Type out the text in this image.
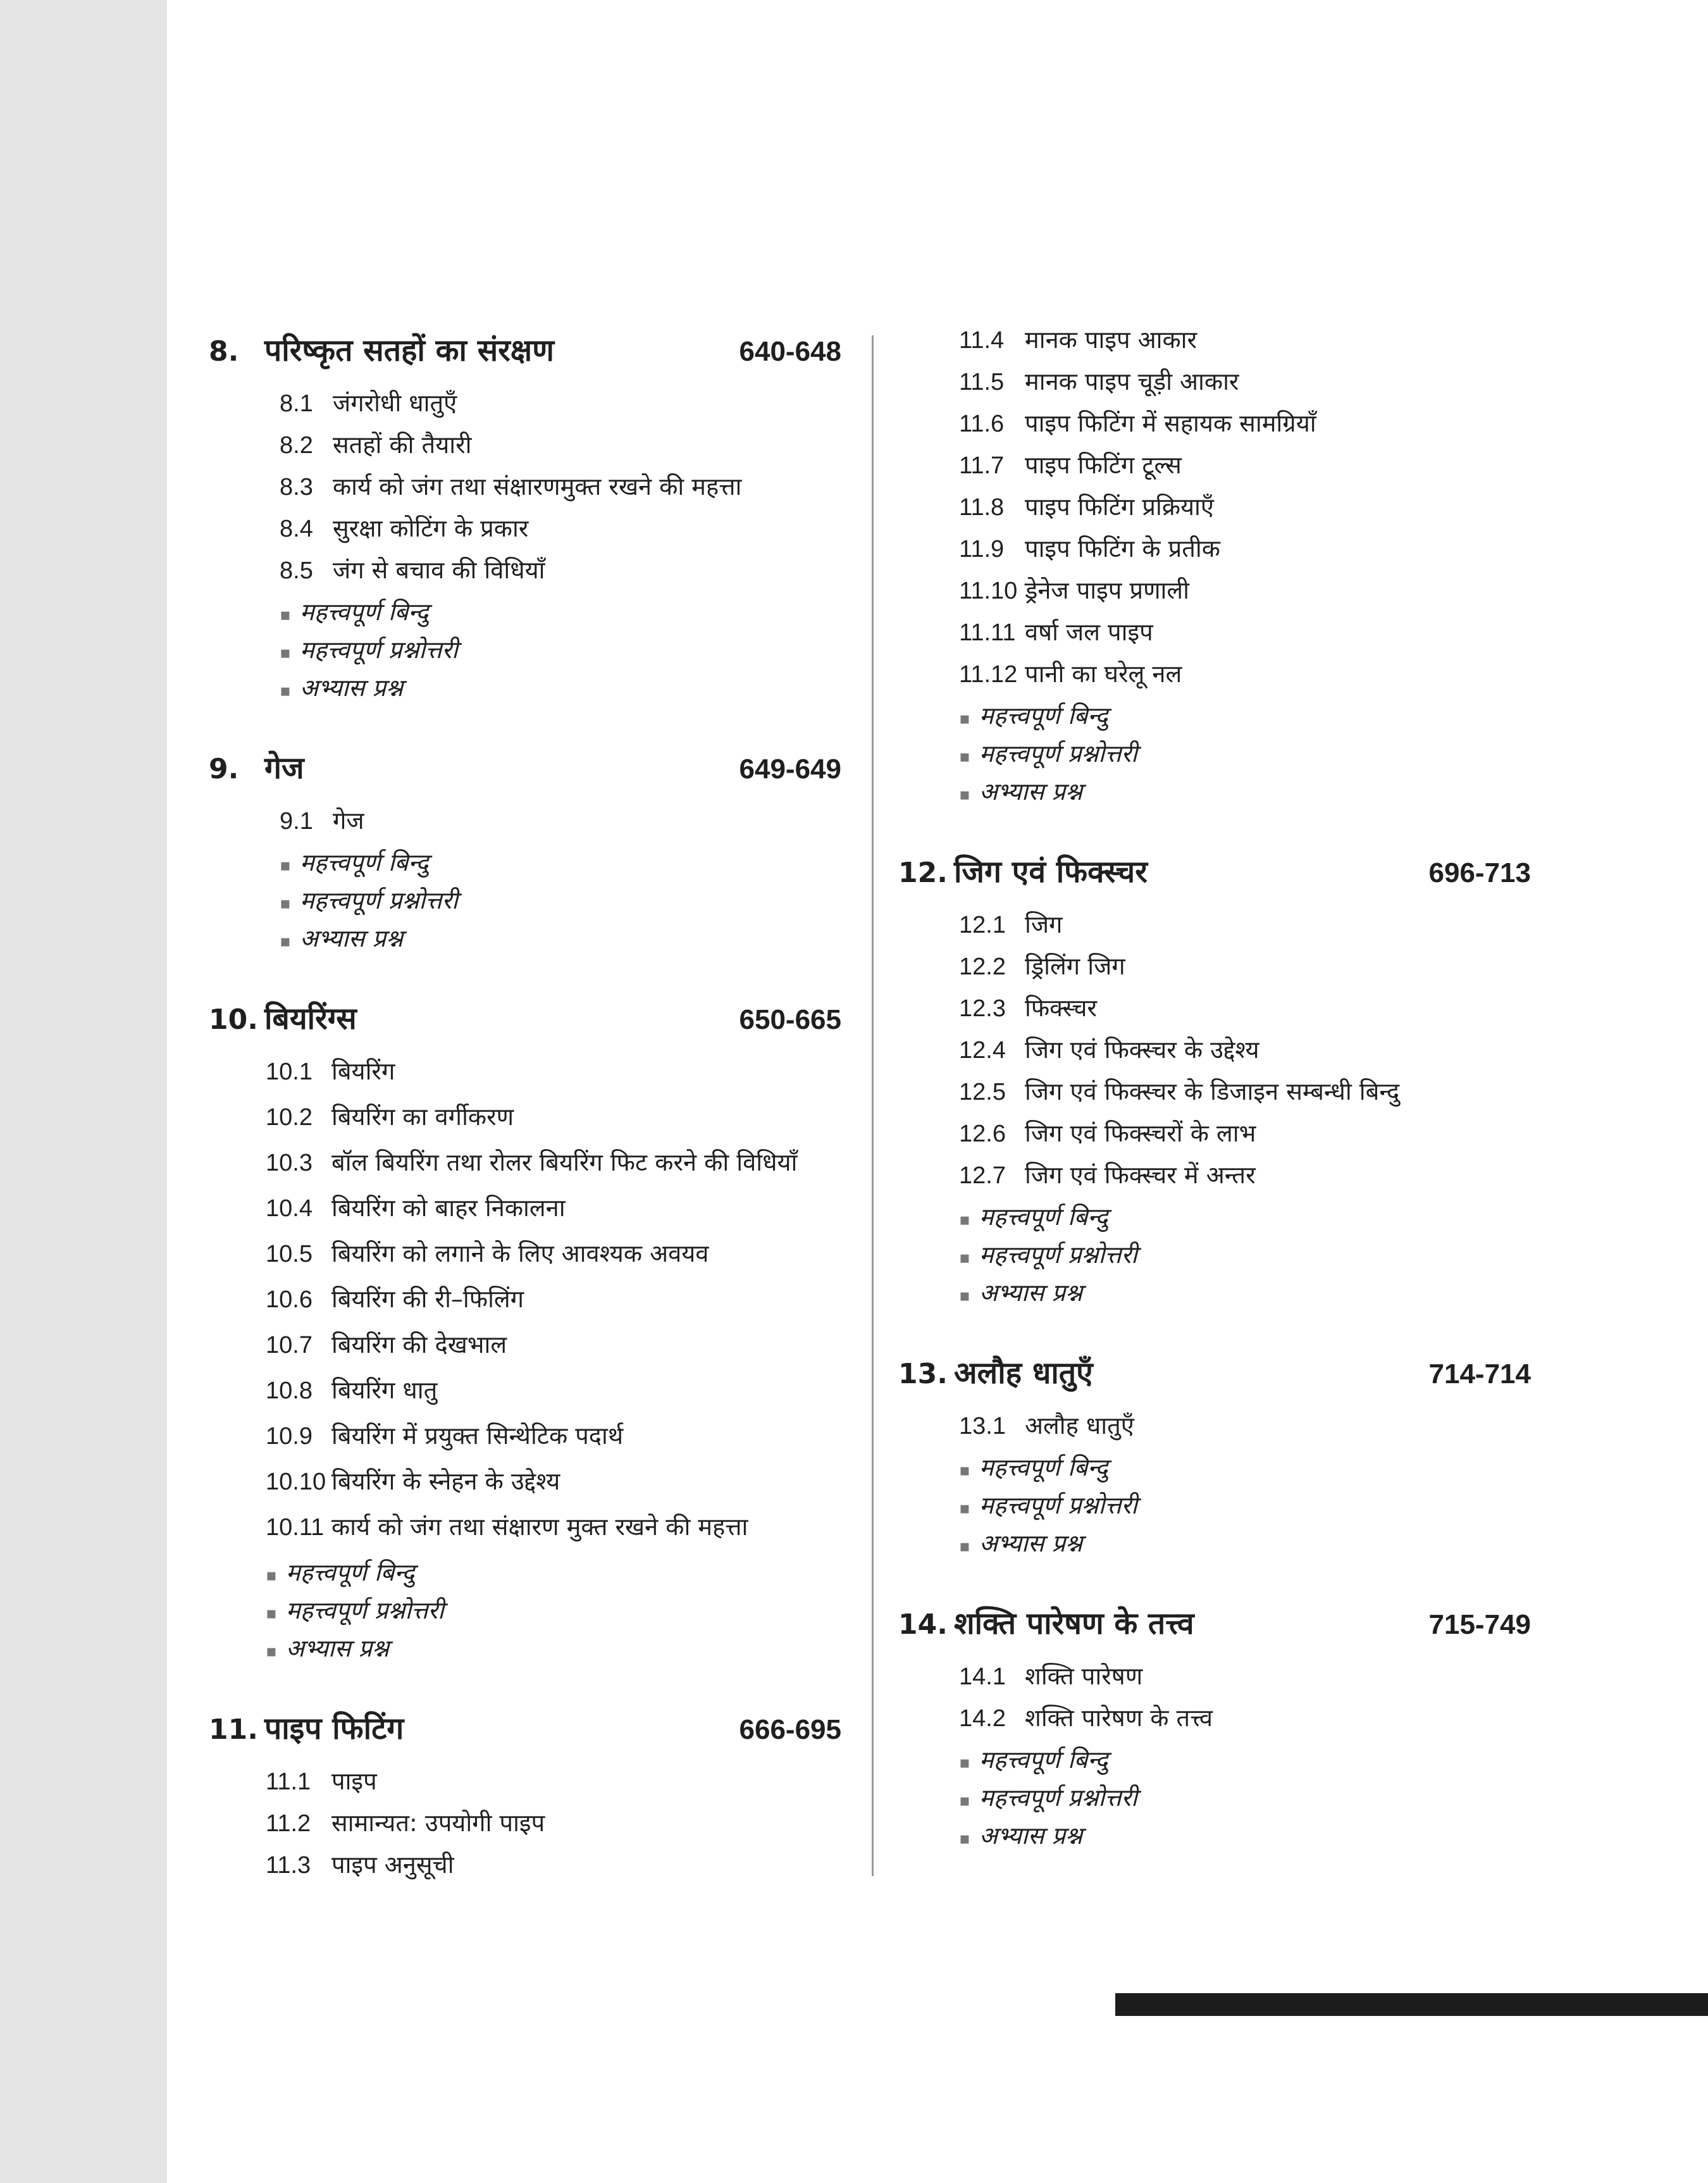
8. परिष्कृत सतहों का संरक्षण	640-648
8.1 जंगरोधी धातुएँ
8.2 सतहों की तैयारी
8.3 कार्य को जंग तथा संक्षारणमुक्त रखने की महत्ता
8.4 सुरक्षा कोटिंग के प्रकार
8.5 जंग से बचाव की विधियाँ
▪ महत्त्वपूर्ण बिन्दु
▪ महत्त्वपूर्ण प्रश्नोत्तरी
▪ अभ्यास प्रश्न
9. गेज	649-649
9.1 गेज
▪ महत्त्वपूर्ण बिन्दु
▪ महत्त्वपूर्ण प्रश्नोत्तरी
▪ अभ्यास प्रश्न
10. बियरिंग्स	650-665
10.1 बियरिंग
10.2 बियरिंग का वर्गीकरण
10.3 बॉल बियरिंग तथा रोलर बियरिंग फिट करने की विधियाँ
10.4 बियरिंग को बाहर निकालना
10.5 बियरिंग को लगाने के लिए आवश्यक अवयव
10.6 बियरिंग की री–फिलिंग
10.7 बियरिंग की देखभाल
10.8 बियरिंग धातु
10.9 बियरिंग में प्रयुक्त सिन्थेटिक पदार्थ
10.10 बियरिंग के स्नेहन के उद्देश्य
10.11 कार्य को जंग तथा संक्षारण मुक्त रखने की महत्ता
▪ महत्त्वपूर्ण बिन्दु
▪ महत्त्वपूर्ण प्रश्नोत्तरी
▪ अभ्यास प्रश्न
11. पाइप फिटिंग	666-695
11.1 पाइप
11.2 सामान्यत: उपयोगी पाइप
11.3 पाइप अनुसूची
11.4 मानक पाइप आकार
11.5 मानक पाइप चूड़ी आकार
11.6 पाइप फिटिंग में सहायक सामग्रियाँ
11.7 पाइप फिटिंग टूल्स
11.8 पाइप फिटिंग प्रक्रियाएँ
11.9 पाइप फिटिंग के प्रतीक
11.10 ड्रेनेज पाइप प्रणाली
11.11 वर्षा जल पाइप
11.12 पानी का घरेलू नल
▪ महत्त्वपूर्ण बिन्दु
▪ महत्त्वपूर्ण प्रश्नोत्तरी
▪ अभ्यास प्रश्न
12. जिग एवं फिक्स्चर	696-713
12.1 जिग
12.2 ड्रिलिंग जिग
12.3 फिक्स्चर
12.4 जिग एवं फिक्स्चर के उद्देश्य
12.5 जिग एवं फिक्स्चर के डिजाइन सम्बन्धी बिन्दु
12.6 जिग एवं फिक्स्चरों के लाभ
12.7 जिग एवं फिक्स्चर में अन्तर
▪ महत्त्वपूर्ण बिन्दु
▪ महत्त्वपूर्ण प्रश्नोत्तरी
▪ अभ्यास प्रश्न
13. अलौह धातुएँ	714-714
13.1 अलौह धातुएँ
▪ महत्त्वपूर्ण बिन्दु
▪ महत्त्वपूर्ण प्रश्नोत्तरी
▪ अभ्यास प्रश्न
14. शक्ति पारेषण के तत्त्व	715-749
14.1 शक्ति पारेषण
14.2 शक्ति पारेषण के तत्त्व
▪ महत्त्वपूर्ण बिन्दु
▪ महत्त्वपूर्ण प्रश्नोत्तरी
▪ अभ्यास प्रश्न
